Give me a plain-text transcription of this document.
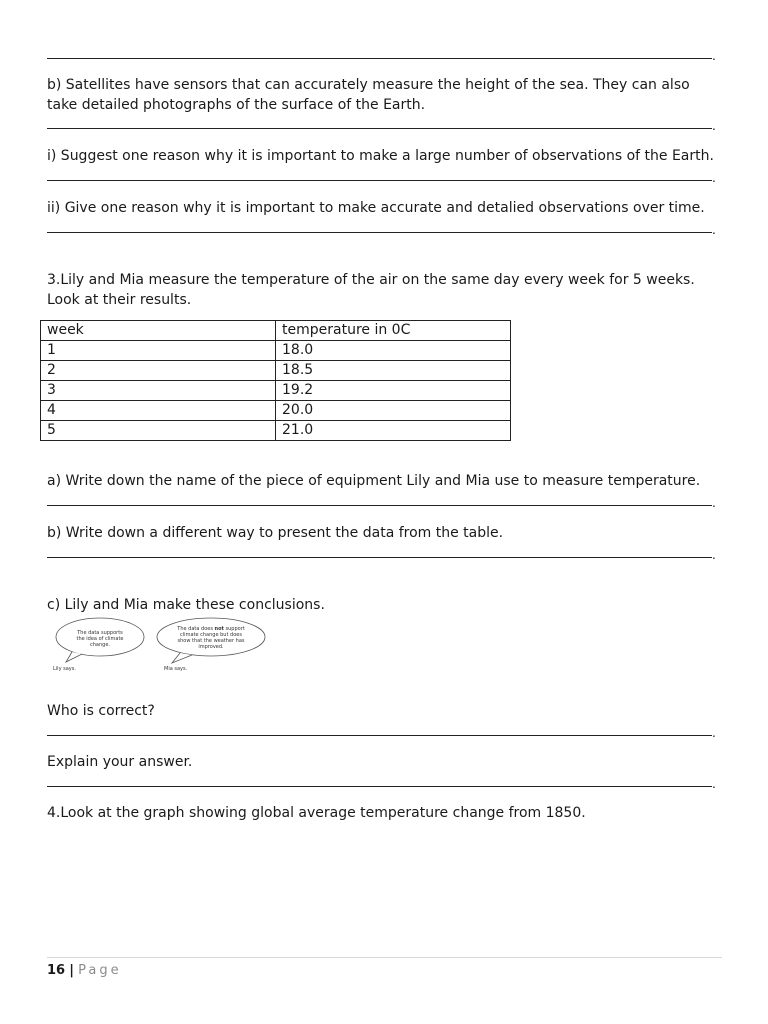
.
b) Satellites have sensors that can accurately measure the height of the sea. They can also
take detailed photographs of the surface of the Earth.
.
i) Suggest one reason why it is important to make a large number of observations of the Earth.
.
ii) Give one reason why it is important to make accurate and detalied observations over time.
.
3.Lily and Mia measure the temperature of the air on the same day every week for 5 weeks.
Look at their results.
week	temperature in 0C
1	18.0
2	18.5
3	19.2
4	20.0
5	21.0
a) Write down the name of the piece of equipment Lily and Mia use to measure temperature.
.
b) Write down a different way to present the data from the table.
.
c) Lily and Mia make these conclusions.
The data supports the idea of climate change.
The data does not support climate change but does show that the weather has improved.
Lily says.	Mia says.
Who is correct?
.
Explain your answer.
.
4.Look at the graph showing global average temperature change from 1850.
16 | Page
